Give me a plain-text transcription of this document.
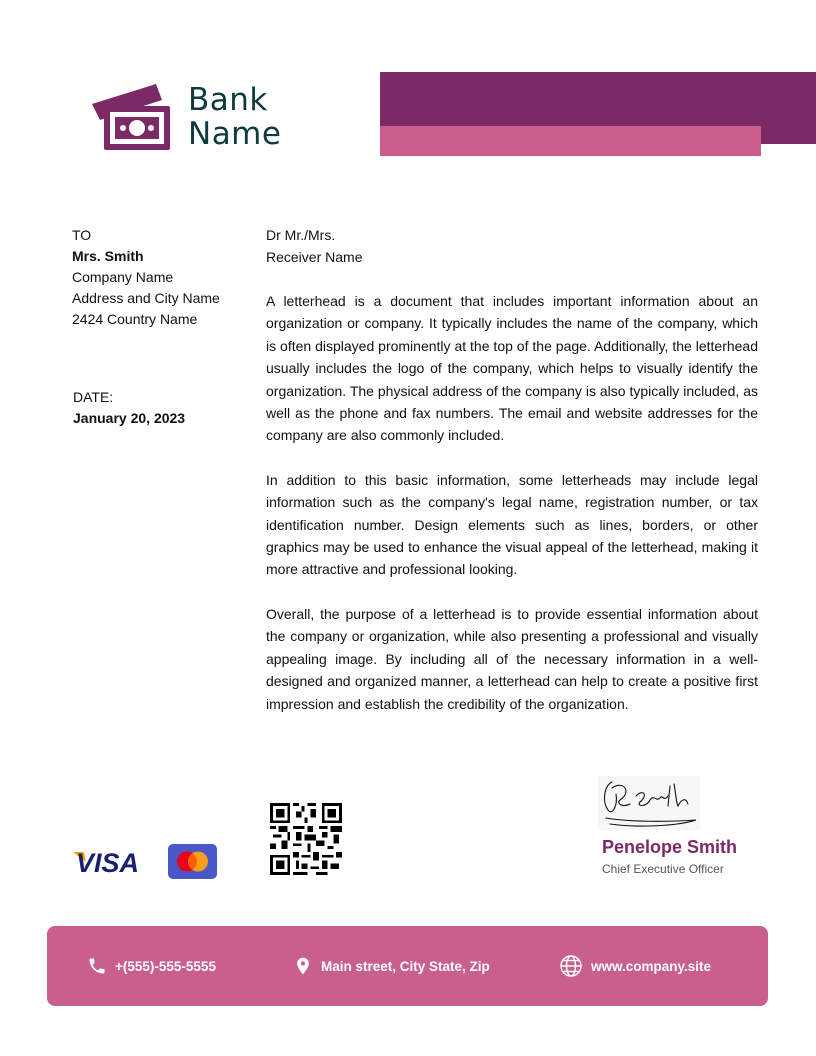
Bank
Name
TO
Mrs. Smith
Company Name
Address and City Name
2424 Country Name
DATE:
January 20, 2023
Dr Mr./Mrs.
Receiver Name

A letterhead is a document that includes important information about an organization or company. It typically includes the name of the company, which is often displayed prominently at the top of the page. Additionally, the letterhead usually includes the logo of the company, which helps to visually identify the organization. The physical address of the company is also typically included, as well as the phone and fax numbers. The email and website addresses for the company are also commonly included.

In addition to this basic information, some letterheads may include legal information such as the company's legal name, registration number, or tax identification number. Design elements such as lines, borders, or other graphics may be used to enhance the visual appeal of the letterhead, making it more attractive and professional looking.

Overall, the purpose of a letterhead is to provide essential information about the company or organization, while also presenting a professional and visually appealing image. By including all of the necessary information in a well-designed and organized manner, a letterhead can help to create a positive first impression and establish the credibility of the organization.

VISA
Penelope Smith
Chief Executive Officer
+(555)-555-5555	Main street, City State, Zip	www.company.site
